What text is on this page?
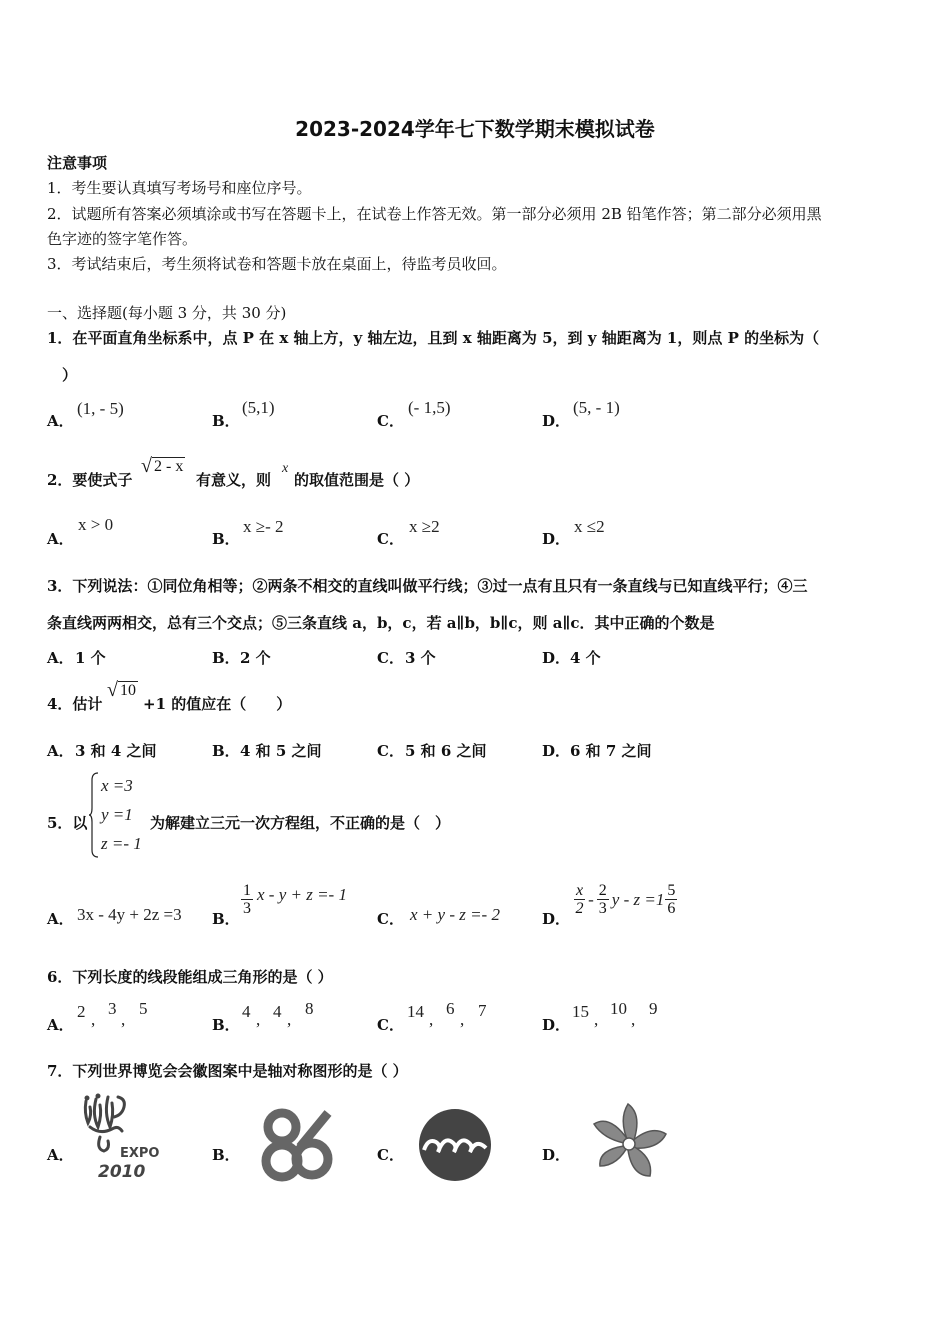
2023-2024学年七下数学期末模拟试卷
注意事项
1．考生要认真填写考场号和座位序号。
2．试题所有答案必须填涂或书写在答题卡上，在试卷上作答无效。第一部分必须用 2B 铅笔作答；第二部分必须用黑
色字迹的签字笔作答。
3．考试结束后，考生须将试卷和答题卡放在桌面上，待监考员收回。
一、选择题(每小题 3 分，共 30 分)
1．在平面直角坐标系中，点 P 在 x 轴上方，y 轴左边，且到 x 轴距离为 5，到 y 轴距离为 1，则点 P 的坐标为（
）
A．
(1, - 5)
B．
(5,1)
C．
(- 1,5)
D．
(5, - 1)
2．要使式子
√ 2 - x
有意义，则
x
的取值范围是（ ）
A．
x > 0
B．
x ≥- 2
C．
x ≥2
D．
x ≤2
3．下列说法：①同位角相等；②两条不相交的直线叫做平行线；③过一点有且只有一条直线与已知直线平行；④三
条直线两两相交，总有三个交点；⑤三条直线 a，b，c，若 a∥b，b∥c，则 a∥c．其中正确的个数是
A． 1 个	B． 2 个	C． 3 个	D． 4 个
4．估计
√ 10
+1 的值应在（　　）
A． 3 和 4 之间	B． 4 和 5 之间	C． 5 和 6 之间	D． 6 和 7 之间
5．以
x =3
y =1
z =- 1
为解建立三元一次方程组，不正确的是（　）
A． 3x - 4y + 2z =3 B．
$\frac{1}{3}$ x - y + z =- 1
C． x + y - z =- 2	D．
$\frac{x}{2} - \frac{2}{3}$ $y - z =1 \frac{5}{6}$
6．下列长度的线段能组成三角形的是（ ）
A．
2 ,
3
,
5
B．
4 , 4 ,
8
C．
14 ,
6
, 7
D．
15 ,
10
,
9
7．下列世界博览会会徽图案中是轴对称图形的是（ ）
A．	EXPO
2010
B．	C．	D．
